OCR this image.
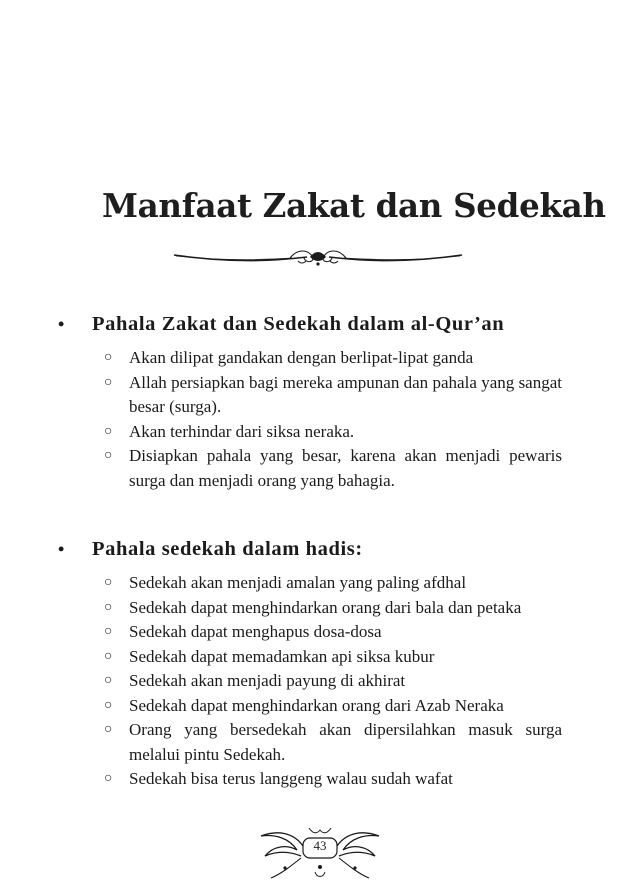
Manfaat Zakat dan Sedekah
• Pahala Zakat dan Sedekah dalam al-Qur’an
○ Akan dilipat gandakan dengan berlipat-lipat ganda
○ Allah persiapkan bagi mereka ampunan dan pahala yang sangat besar (surga).
○ Akan terhindar dari siksa neraka.
○ Disiapkan pahala yang besar, karena akan menjadi pewaris surga dan menjadi orang yang bahagia.
• Pahala sedekah dalam hadis:
○ Sedekah akan menjadi amalan yang paling afdhal
○ Sedekah dapat menghindarkan orang dari bala dan petaka
○ Sedekah dapat menghapus dosa-dosa
○ Sedekah dapat memadamkan api siksa kubur
○ Sedekah akan menjadi payung di akhirat
○ Sedekah dapat menghindarkan orang dari Azab Neraka
○ Orang yang bersedekah akan dipersilahkan masuk surga melalui pintu Sedekah.
○ Sedekah bisa terus langgeng walau sudah wafat
43
